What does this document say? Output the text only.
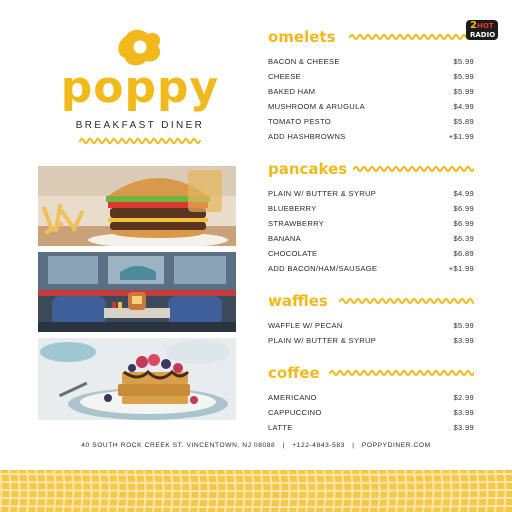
poppy
BREAKFAST DINER
omelets
BACON & CHEESE	$5.99
CHEESE	$5.99
BAKED HAM	$5.99
MUSHROOM & ARUGULA	$4.99
TOMATO PESTO	$5.89
ADD HASHBROWNS	+$1.99
pancakes
PLAIN W/ BUTTER & SYRUP	$4.99
BLUEBERRY	$6.99
STRAWBERRY	$6.99
BANANA	$6.39
CHOCOLATE	$6.89
ADD BACON/HAM/SAUSAGE	+$1.99
waffles
WAFFLE W/ PECAN	$5.99
PLAIN W/ BUTTER & SYRUP	$3.99
coffee
AMERICANO	$2.99
CAPPUCCINO	$3.99
LATTE	$3.99
2 HOT
RADIO
40 SOUTH ROCK CREEK ST. VINCENTOWN, NJ 08088   |   +122-4843-583   |   POPPYDINER.COM
